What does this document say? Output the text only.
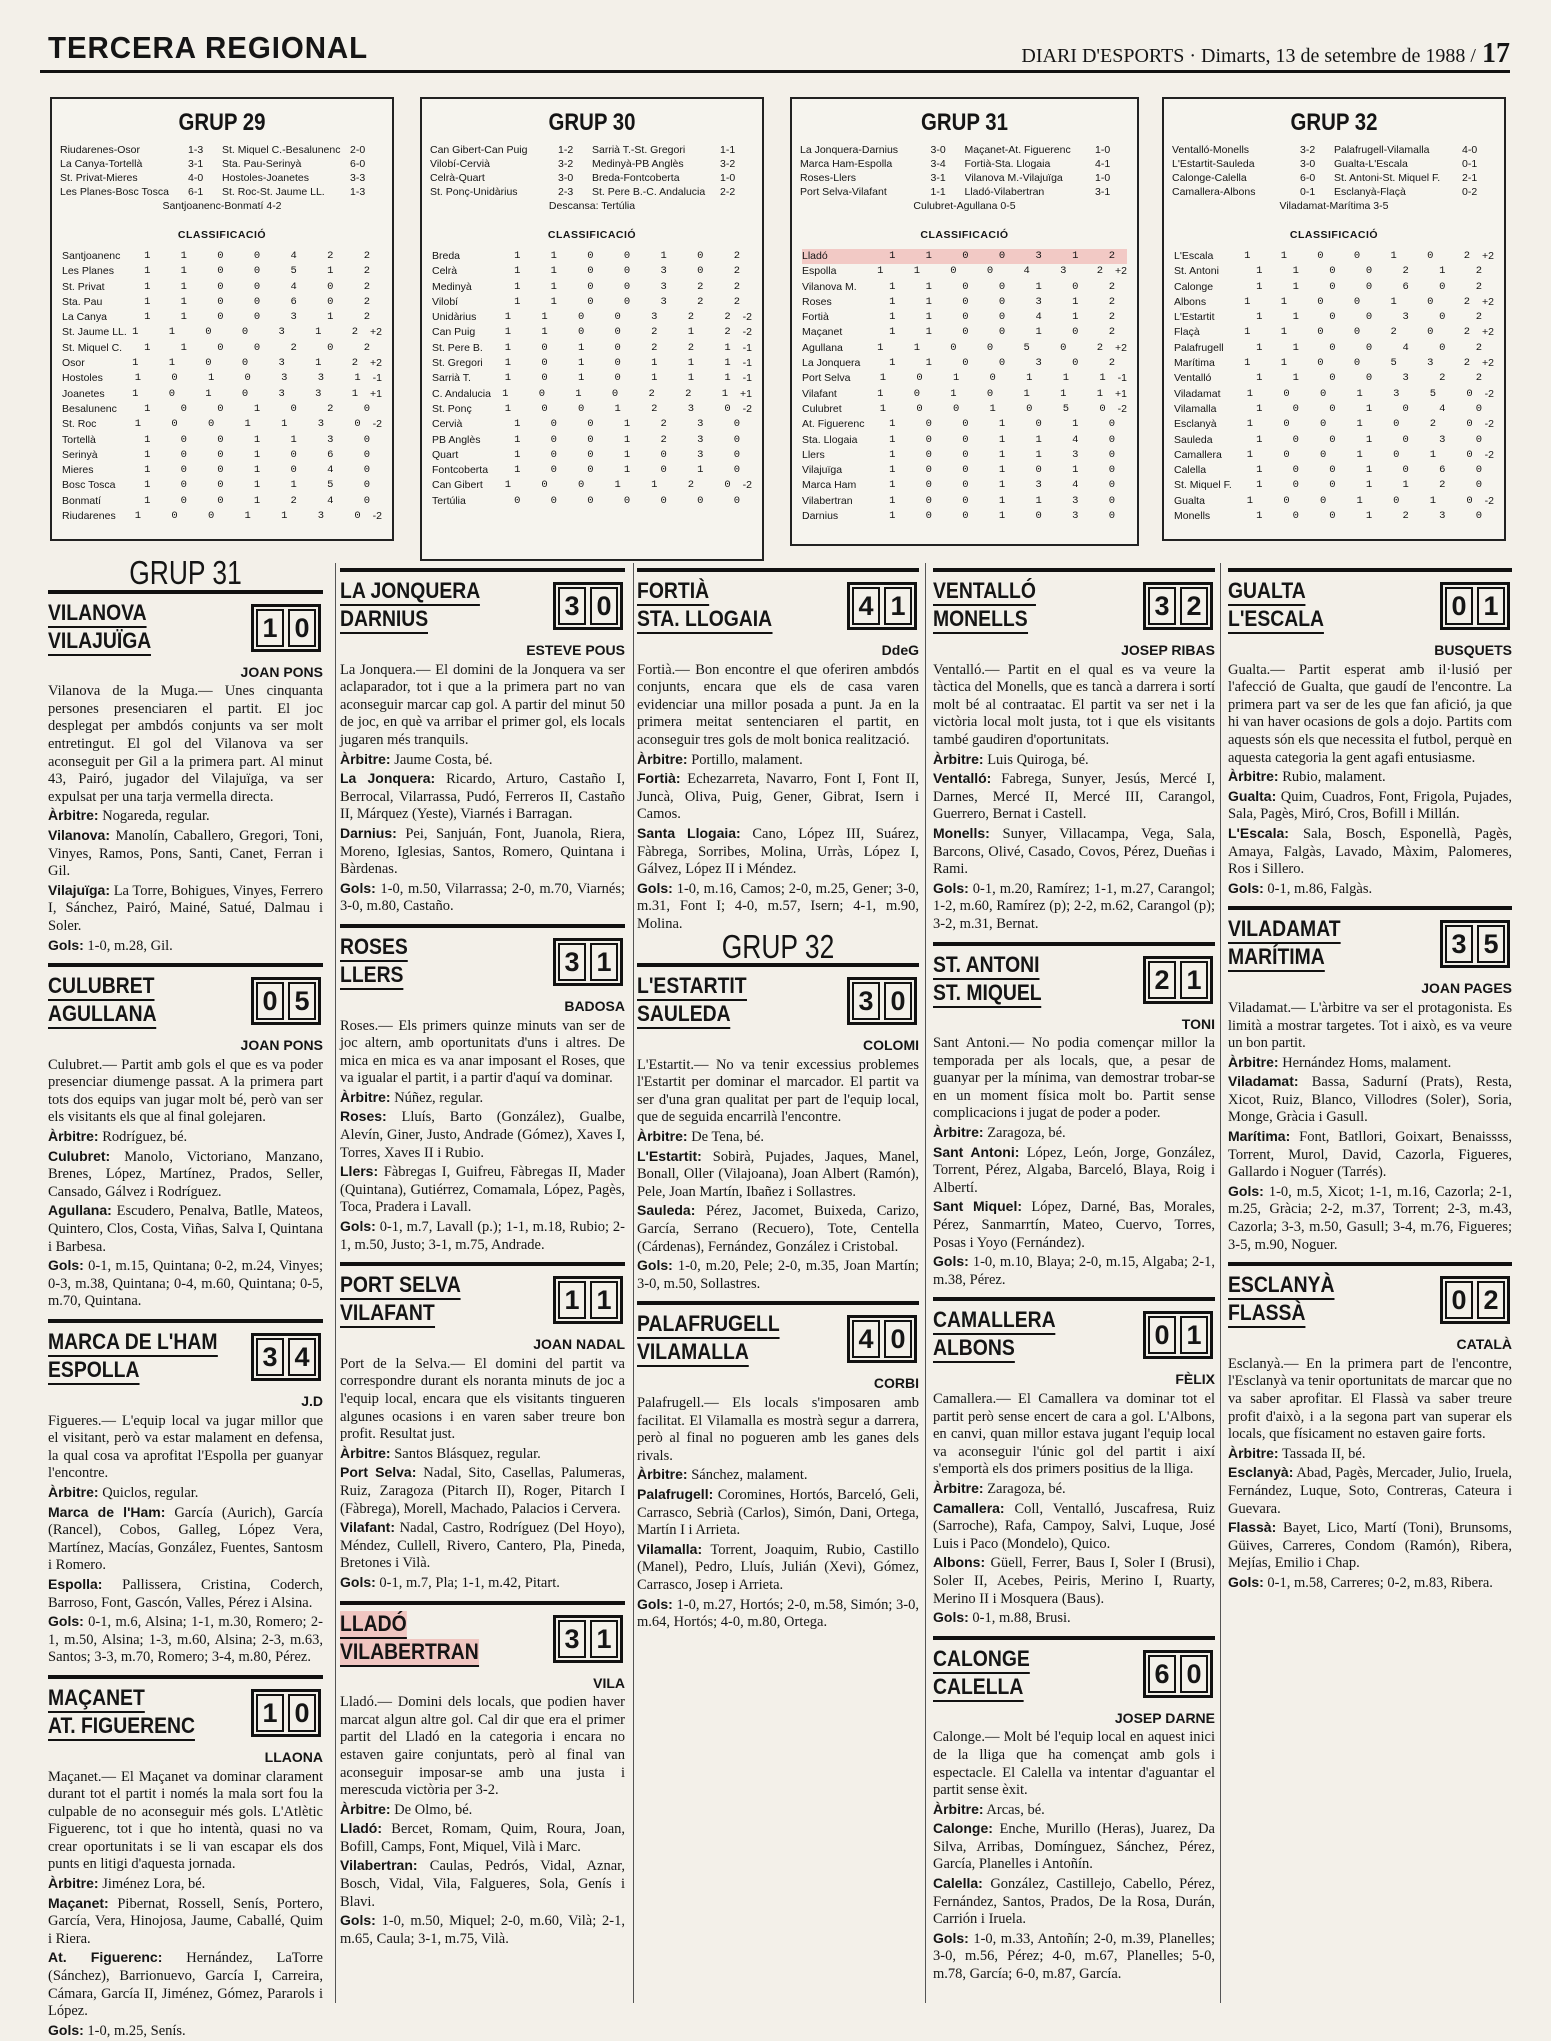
TERCERA REGIONAL	DIARI D'ESPORTS · Dimarts, 13 de setembre de 1988 / 17
GRUP 29
Riudarenes-Osor	1-3	St. Miquel C.-Besalunenc 2-0
La Canya-Tortellà	3-1	Sta. Pau-Serinyà	6-0
St. Privat-Mieres	4-0	Hostoles-Joanetes	3-3
Les Planes-Bosc Tosca	6-1	St. Roc-St. Jaume LL.	1-3
Santjoanenc-Bonmatí 4-2
CLASSIFICACIÓ
Santjoanenc	1 1 0 0 4 2 2
Les Planes	1 1 0 0 5 1 2
St. Privat	1 1 0 0 4 0 2
Sta. Pau	1 1 0 0 6 0 2
La Canya	1 1 0 0 3 1 2
St. Jaume LL. 1 1 0 0 3 1 2 +2
St. Miquel C.	1 1 0 0 2 0 2
Osor	1 1 0 0 3 1 2 +2
Hostoles	1 0 1 0 3 3 1 -1
Joanetes	1 0 1 0 3 3 1 +1
Besalunenc	1 0 0 1 0 2 0
St. Roc	1 0 0 1 1 3 0 -2
Tortellà	1 0 0 1 1 3 0
Serinyà	1 0 0 1 0 6 0
Mieres	1 0 0 1 0 4 0
Bosc Tosca	1 0 0 1 1 5 0
Bonmatí	1 0 0 1 2 4 0
Riudarenes	1 0 0 1 1 3 0 -2
GRUP 30
Can Gibert-Can Puig	1-2	Sarrià T.-St. Gregori	1-1
Vilobí-Cervià	3-2	Medinyà-PB Anglès	3-2
Celrà-Quart	3-0	Breda-Fontcoberta	1-0
St. Ponç-Unidàrius	2-3	St. Pere B.-C. Andalucia	2-2
Descansa: Tertúlia
CLASSIFICACIÓ
Breda	1 1 0 0 1 0 2
Celrà	1 1 0 0 3 0 2
Medinyà	1 1 0 0 3 2 2
Vilobí	1 1 0 0 3 2 2
Unidàrius	1 1 0 0 3 2 2 -2
Can Puig	1 1 0 0 2 1 2 -2
St. Pere B.	1 0 1 0 2 2 1 -1
St. Gregori	1 0 1 0 1 1 1 -1
Sarrià T.	1 0 1 0 1 1 1 -1
C. Andalucia	1 0 1 0 2 2 1 +1
St. Ponç	1 0 0 1 2 3 0 -2
Cervià	1 0 0 1 2 3 0
PB Anglès	1 0 0 1 2 3 0
Quart	1 0 0 1 0 3 0
Fontcoberta	1 0 0 1 0 1 0
Can Gibert	1 0 0 1 1 2 0 -2
Tertúlia	0 0 0 0 0 0 0
GRUP 31
La Jonquera-Darnius	3-0	Maçanet-At. Figuerenc	1-0
Marca Ham-Espolla	3-4	Fortià-Sta. Llogaia	4-1
Roses-Llers	3-1	Vilanova M.-Vilajuïga	1-0
Port Selva-Vilafant	1-1	Lladó-Vilabertran	3-1
Culubret-Agullana 0-5
CLASSIFICACIÓ
Lladó	1 1 0 0 3 1 2
Espolla	1 1 0 0 4 3 2 +2
Vilanova M.	1 1 0 0 1 0 2
Roses	1 1 0 0 3 1 2
Fortià	1 1 0 0 4 1 2
Maçanet	1 1 0 0 1 0 2
Agullana	1 1 0 0 5 0 2 +2
La Jonquera	1 1 0 0 3 0 2
Port Selva	1 0 1 0 1 1 1 -1
Vilafant	1 0 1 0 1 1 1 +1
Culubret	1 0 0 1 0 5 0 -2
At. Figuerenc	1 0 0 1 0 1 0
Sta. Llogaia	1 0 0 1 1 4 0
Llers	1 0 0 1 1 3 0
Vilajuïga	1 0 0 1 0 1 0
Marca Ham	1 0 0 1 3 4 0
Vilabertran	1 0 0 1 1 3 0
Darnius	1 0 0 1 0 3 0
GRUP 32
Ventalló-Monells	3-2	Palafrugell-Vilamalla	4-0
L'Estartit-Sauleda	3-0	Gualta-L'Escala	0-1
Calonge-Calella	6-0	St. Antoni-St. Miquel F.	2-1
Camallera-Albons	0-1	Esclanyà-Flaçà	0-2
Viladamat-Marítima 3-5
CLASSIFICACIÓ
L'Escala	1 1 0 0 1 0 2 +2
St. Antoni	1 1 0 0 2 1 2
Calonge	1 1 0 0 6 0 2
Albons	1 1 0 0 1 0 2 +2
L'Estartit	1 1 0 0 3 0 2
Flaçà	1 1 0 0 2 0 2 +2
Palafrugell	1 1 0 0 4 0 2
Marítima	1 1 0 0 5 3 2 +2
Ventalló	1 1 0 0 3 2 2
Viladamat	1 0 0 1 3 5 0 -2
Vilamalla	1 0 0 1 0 4 0
Esclanyà	1 0 0 1 0 2 0 -2
Sauleda	1 0 0 1 0 3 0
Camallera	1 0 0 1 0 1 0 -2
Calella	1 0 0 1 0 6 0
St. Miquel F.	1 0 0 1 1 2 0
Gualta	1 0 0 1 0 1 0 -2
Monells	1 0 0 1 2 3 0
GRUP 31
VILANOVA
VILAJUÏGA	1 0
JOAN PONS

Vilanova de la Muga.— Unes cinquanta persones presenciaren el partit. El joc desplegat per ambdós conjunts va ser molt entretingut. El gol del Vilanova va ser aconseguit per Gil a la primera part. Al minut 43, Pairó, jugador del Vilajuïga, va ser expulsat per una tarja vermella directa.

Àrbitre: Nogareda, regular.

Vilanova: Manolín, Caballero, Gregori, Toni, Vinyes, Ramos, Pons, Santi, Canet, Ferran i Gil.

Vilajuïga: La Torre, Bohigues, Vinyes, Ferrero I, Sánchez, Pairó, Mainé, Satué, Dalmau i Soler.

Gols: 1-0, m.28, Gil.

CULUBRET
AGULLANA	0 5
JOAN PONS

Culubret.— Partit amb gols el que es va poder presenciar diumenge passat. A la primera part tots dos equips van jugar molt bé, però van ser els visitants els que al final golejaren.

Àrbitre: Rodríguez, bé.

Culubret: Manolo, Victoriano, Manzano, Brenes, López, Martínez, Prados, Seller, Cansado, Gálvez i Rodríguez.

Agullana: Escudero, Penalva, Batlle, Mateos, Quintero, Clos, Costa, Viñas, Salva I, Quintana i Barbesa.

Gols: 0-1, m.15, Quintana; 0-2, m.24, Vinyes; 0-3, m.38, Quintana; 0-4, m.60, Quintana; 0-5, m.70, Quintana.

MARCA DE L'HAM
ESPOLLA	3 4
J.D

Figueres.— L'equip local va jugar millor que el visitant, però va estar malament en defensa, la qual cosa va aprofitat l'Espolla per guanyar l'encontre.

Àrbitre: Quiclos, regular.

Marca de l'Ham: García (Aurich), García (Rancel), Cobos, Galleg, López Vera, Martínez, Macías, González, Fuentes, Santosm i Romero.

Espolla: Pallissera, Cristina, Coderch, Barroso, Font, Gascón, Valles, Pérez i Alsina.

Gols: 0-1, m.6, Alsina; 1-1, m.30, Romero; 2-1, m.50, Alsina; 1-3, m.60, Alsina; 2-3, m.63, Santos; 3-3, m.70, Romero; 3-4, m.80, Pérez.

MAÇANET
AT. FIGUERENC 1 0
LLAONA

Maçanet.— El Maçanet va dominar clarament durant tot el partit i només la mala sort fou la culpable de no aconseguir més gols. L'Atlètic Figuerenc, tot i que ho intentà, quasi no va crear oportunitats i se li van escapar els dos punts en litigi d'aquesta jornada.

Àrbitre: Jiménez Lora, bé.

Maçanet: Pibernat, Rossell, Senís, Portero, García, Vera, Hinojosa, Jaume, Caballé, Quim i Riera.

At. Figuerenc: Hernández, LaTorre (Sánchez), Barrionuevo, García I, Carreira, Cámara, García II, Jiménez, Gómez, Pararols i López.

Gols: 1-0, m.25, Senís.

LA JONQUERA
DARNIUS	3 0
ESTEVE POUS

La Jonquera.— El domini de la Jonquera va ser aclaparador, tot i que a la primera part no van aconseguir marcar cap gol. A partir del minut 50 de joc, en què va arribar el primer gol, els locals jugaren més tranquils.

Àrbitre: Jaume Costa, bé.

La Jonquera: Ricardo, Arturo, Castaño I, Berrocal, Vilarrassa, Pudó, Ferreros II, Castaño II, Márquez (Yeste), Viarnés i Barragan.

Darnius: Pei, Sanjuán, Font, Juanola, Riera, Moreno, Iglesias, Santos, Romero, Quintana i Bàrdenas.

Gols: 1-0, m.50, Vilarrassa; 2-0, m.70, Viarnés; 3-0, m.80, Castaño.

ROSES
LLERS	3 1
BADOSA

Roses.— Els primers quinze minuts van ser de joc altern, amb oportunitats d'uns i altres. De mica en mica es va anar imposant el Roses, que va igualar el partit, i a partir d'aquí va dominar.

Àrbitre: Núñez, regular.

Roses: Lluís, Barto (González), Gualbe, Alevín, Giner, Justo, Andrade (Gómez), Xaves I, Torres, Xaves II i Rubio.

Llers: Fàbregas I, Guifreu, Fàbregas II, Mader (Quintana), Gutiérrez, Comamala, López, Pagès, Toca, Pradera i Lavall.

Gols: 0-1, m.7, Lavall (p.); 1-1, m.18, Rubio; 2-1, m.50, Justo; 3-1, m.75, Andrade.

PORT SELVA
VILAFANT	1 1
JOAN NADAL

Port de la Selva.— El domini del partit va correspondre durant els noranta minuts de joc a l'equip local, encara que els visitants tingueren algunes ocasions i en varen saber treure bon profit. Resultat just.

Àrbitre: Santos Blásquez, regular.

Port Selva: Nadal, Sito, Casellas, Palumeras, Ruiz, Zaragoza (Pitarch II), Roger, Pitarch I (Fàbrega), Morell, Machado, Palacios i Cervera.

Vilafant: Nadal, Castro, Rodríguez (Del Hoyo), Méndez, Cullell, Rivero, Cantero, Pla, Pineda, Bretones i Vilà.

Gols: 0-1, m.7, Pla; 1-1, m.42, Pitart.

LLADÓ
VILABERTRAN	3 1
VILA

Lladó.— Domini dels locals, que podien haver marcat algun altre gol. Cal dir que era el primer partit del Lladó en la categoria i encara no estaven gaire conjuntats, però al final van aconseguir imposar-se amb una justa i merescuda victòria per 3-2.

Àrbitre: De Olmo, bé.

Lladó: Bercet, Romam, Quim, Roura, Joan, Bofill, Camps, Font, Miquel, Vilà i Marc.

Vilabertran: Caulas, Pedrós, Vidal, Aznar, Bosch, Vidal, Vila, Falgueres, Sola, Genís i Blavi.

Gols: 1-0, m.50, Miquel; 2-0, m.60, Vilà; 2-1, m.65, Caula; 3-1, m.75, Vilà.

FORTIÀ
STA. LLOGAIA	4 1
DdeG

Fortià.— Bon encontre el que oferiren ambdós conjunts, encara que els de casa varen evidenciar una millor posada a punt. Ja en la primera meitat sentenciaren el partit, en aconseguir tres gols de molt bonica realització.

Àrbitre: Portillo, malament.

Fortià: Echezarreta, Navarro, Font I, Font II, Juncà, Oliva, Puig, Gener, Gibrat, Isern i Camos.

Santa Llogaia: Cano, López III, Suárez, Fàbrega, Sorribes, Molina, Urràs, López I, Gálvez, López II i Méndez.

Gols: 1-0, m.16, Camos; 2-0, m.25, Gener; 3-0, m.31, Font I; 4-0, m.57, Isern; 4-1, m.90, Molina.

GRUP 32
L'ESTARTIT
SAULEDA	3 0
COLOMI

L'Estartit.— No va tenir excessius problemes l'Estartit per dominar el marcador. El partit va ser d'una gran qualitat per part de l'equip local, que de seguida encarrilà l'encontre.

Àrbitre: De Tena, bé.

L'Estartit: Sobirà, Pujades, Jaques, Manel, Bonall, Oller (Vilajoana), Joan Albert (Ramón), Pele, Joan Martín, Ibañez i Sollastres.

Sauleda: Pérez, Jacomet, Buixeda, Carizo, García, Serrano (Recuero), Tote, Centella (Cárdenas), Fernández, González i Cristobal.

Gols: 1-0, m.20, Pele; 2-0, m.35, Joan Martín; 3-0, m.50, Sollastres.

PALAFRUGELL
VILAMALLA	4 0
CORBI

Palafrugell.— Els locals s'imposaren amb facilitat. El Vilamalla es mostrà segur a darrera, però al final no pogueren amb les ganes dels rivals.

Àrbitre: Sánchez, malament.

Palafrugell: Coromines, Hortós, Barceló, Geli, Carrasco, Sebrià (Carlos), Simón, Dani, Ortega, Martín I i Arrieta.

Vilamalla: Torrent, Joaquim, Rubio, Castillo (Manel), Pedro, Lluís, Julián (Xevi), Gómez, Carrasco, Josep i Arrieta.

Gols: 1-0, m.27, Hortós; 2-0, m.58, Simón; 3-0, m.64, Hortós; 4-0, m.80, Ortega.

VENTALLÓ
MONELLS	3 2
JOSEP RIBAS

Ventalló.— Partit en el qual es va veure la tàctica del Monells, que es tancà a darrera i sortí molt bé al contraatac. El partit va ser net i la victòria local molt justa, tot i que els visitants també gaudiren d'oportunitats.

Àrbitre: Luis Quiroga, bé.

Ventalló: Fabrega, Sunyer, Jesús, Mercé I, Darnes, Mercé II, Mercé III, Carangol, Guerrero, Bernat i Castell.

Monells: Sunyer, Villacampa, Vega, Sala, Barcons, Olivé, Casado, Covos, Pérez, Dueñas i Rami.

Gols: 0-1, m.20, Ramírez; 1-1, m.27, Carangol; 1-2, m.60, Ramírez (p); 2-2, m.62, Carangol (p); 3-2, m.31, Bernat.

ST. ANTONI
ST. MIQUEL	2 1
TONI

Sant Antoni.— No podia començar millor la temporada per als locals, que, a pesar de guanyar per la mínima, van demostrar trobar-se en un moment física molt bo. Partit sense complicacions i jugat de poder a poder.

Àrbitre: Zaragoza, bé.

Sant Antoni: López, León, Jorge, González, Torrent, Pérez, Algaba, Barceló, Blaya, Roig i Albertí.

Sant Miquel: López, Darné, Bas, Morales, Pérez, Sanmarrtín, Mateo, Cuervo, Torres, Posas i Yoyo (Fernández).

Gols: 1-0, m.10, Blaya; 2-0, m.15, Algaba; 2-1, m.38, Pérez.

CAMALLERA
ALBONS	0 1
FÈLIX

Camallera.— El Camallera va dominar tot el partit però sense encert de cara a gol. L'Albons, en canvi, quan millor estava jugant l'equip local va aconseguir l'únic gol del partit i així s'emportà els dos primers positius de la lliga.

Àrbitre: Zaragoza, bé.

Camallera: Coll, Ventalló, Juscafresa, Ruiz (Sarroche), Rafa, Campoy, Salvi, Luque, José Luis i Paco (Mondelo), Quico.

Albons: Güell, Ferrer, Baus I, Soler I (Brusi), Soler II, Acebes, Peiris, Merino I, Ruarty, Merino II i Mosquera (Baus).

Gols: 0-1, m.88, Brusi.

CALONGE
CALELLA	6 0
JOSEP DARNE

Calonge.— Molt bé l'equip local en aquest inici de la lliga que ha començat amb gols i espectacle. El Calella va intentar d'aguantar el partit sense èxit.

Àrbitre: Arcas, bé.

Calonge: Enche, Murillo (Heras), Juarez, Da Silva, Arribas, Domínguez, Sánchez, Pérez, García, Planelles i Antoñín.

Calella: González, Castillejo, Cabello, Pérez, Fernández, Santos, Prados, De la Rosa, Durán, Carrión i Iruela.

Gols: 1-0, m.33, Antoñín; 2-0, m.39, Planelles; 3-0, m.56, Pérez; 4-0, m.67, Planelles; 5-0, m.78, García; 6-0, m.87, García.

GUALTA
L'ESCALA	0 1
BUSQUETS

Gualta.— Partit esperat amb il·lusió per l'afecció de Gualta, que gaudí de l'encontre. La primera part va ser de les que fan afició, ja que hi van haver ocasions de gols a dojo. Partits com aquests són els que necessita el futbol, perquè en aquesta categoria la gent agafi entusiasme.

Àrbitre: Rubio, malament.

Gualta: Quim, Cuadros, Font, Frigola, Pujades, Sala, Pagès, Miró, Cros, Bofill i Millán.

L'Escala: Sala, Bosch, Esponellà, Pagès, Amaya, Falgàs, Lavado, Màxim, Palomeres, Ros i Sillero.

Gols: 0-1, m.86, Falgàs.

VILADAMAT
MARÍTIMA	3 5
JOAN PAGES

Viladamat.— L'àrbitre va ser el protagonista. Es limità a mostrar targetes. Tot i això, es va veure un bon partit.

Àrbitre: Hernández Homs, malament.

Viladamat: Bassa, Sadurní (Prats), Resta, Xicot, Ruiz, Blanco, Villodres (Soler), Soria, Monge, Gràcia i Gasull.

Marítima: Font, Batllori, Goixart, Benaissss, Torrent, Murol, David, Cazorla, Figueres, Gallardo i Noguer (Tarrés).

Gols: 1-0, m.5, Xicot; 1-1, m.16, Cazorla; 2-1, m.25, Gràcia; 2-2, m.37, Torrent; 2-3, m.43, Cazorla; 3-3, m.50, Gasull; 3-4, m.76, Figueres; 3-5, m.90, Noguer.

ESCLANYÀ
FLASSÀ	0 2
CATALÀ

Esclanyà.— En la primera part de l'encontre, l'Esclanyà va tenir oportunitats de marcar que no va saber aprofitar. El Flassà va saber treure profit d'això, i a la segona part van superar els locals, que físicament no estaven gaire forts.

Àrbitre: Tassada II, bé.

Esclanyà: Abad, Pagès, Mercader, Julio, Iruela, Fernández, Luque, Soto, Contreras, Cateura i Guevara.

Flassà: Bayet, Lico, Martí (Toni), Brunsoms, Güives, Carreres, Condom (Ramón), Ribera, Mejías, Emilio i Chap.

Gols: 0-1, m.58, Carreres; 0-2, m.83, Ribera.
